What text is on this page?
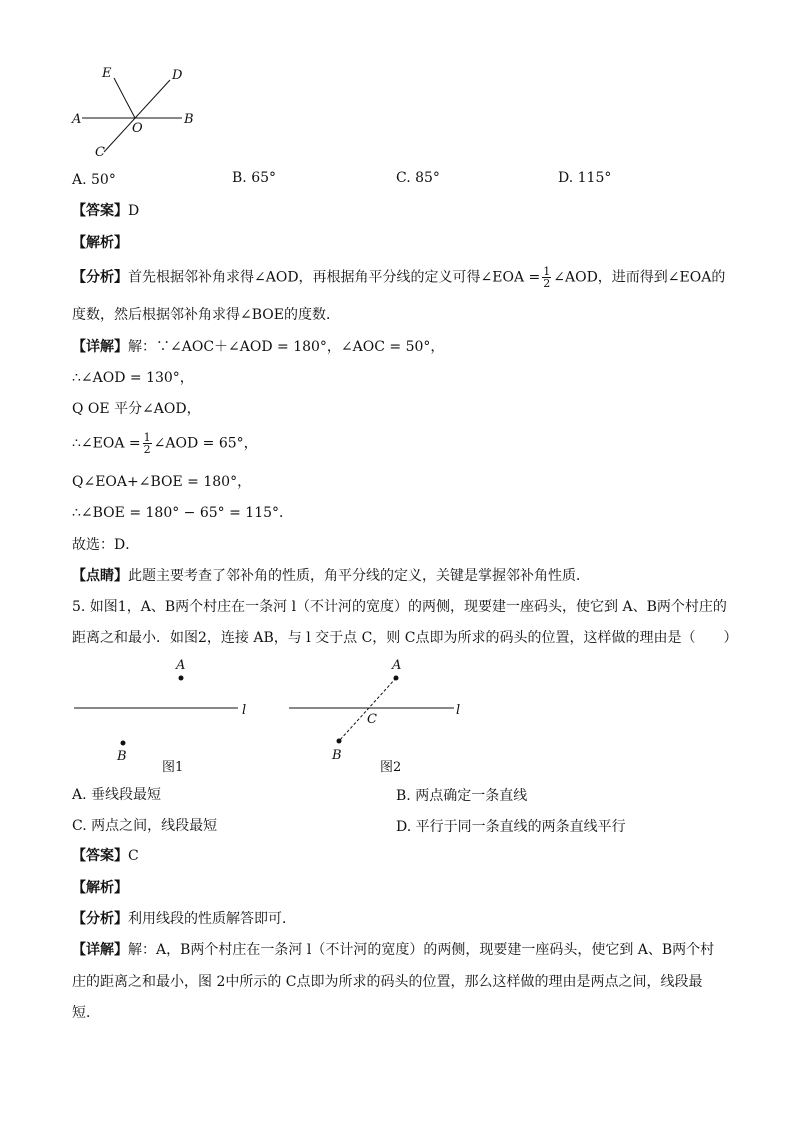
E	D
A
O
B
C
A. 50°	B. 65°	C. 85°	D. 115°
【答案】D
【解析】
【分析】首先根据邻补角求得∠AOD，再根据角平分线的定义可得∠EOA = $\frac{1}{2}$ ∠AOD，进而得到∠EOA的
度数，然后根据邻补角求得∠BOE的度数．
【详解】解：∵∠AOC＋∠AOD = 180°，∠AOC = 50°，
∴∠AOD = 130°，
Q OE 平分∠AOD，
∴∠EOA = $\frac{1}{2}$ ∠AOD = 65°，
Q∠EOA+∠BOE = 180°，
∴∠BOE = 180° − 65° = 115°．
故选：D．
【点睛】此题主要考查了邻补角的性质，角平分线的定义，关键是掌握邻补角性质．
5. 如图1，A、B两个村庄在一条河 l（不计河的宽度）的两侧，现要建一座码头，使它到 A、B两个村庄的
距离之和最小．如图2，连接 AB，与 l 交于点 C，则 C点即为所求的码头的位置，这样做的理由是（　　）
A
l
B
图1
A
C
l
B
图2
A. 垂线段最短	B. 两点确定一条直线
C. 两点之间，线段最短	D. 平行于同一条直线的两条直线平行
【答案】C
【解析】
【分析】利用线段的性质解答即可．
【详解】解：A，B两个村庄在一条河 l（不计河的宽度）的两侧，现要建一座码头，使它到 A、B两个村
庄的距离之和最小，图 2中所示的 C点即为所求的码头的位置，那么这样做的理由是两点之间，线段最
短．
